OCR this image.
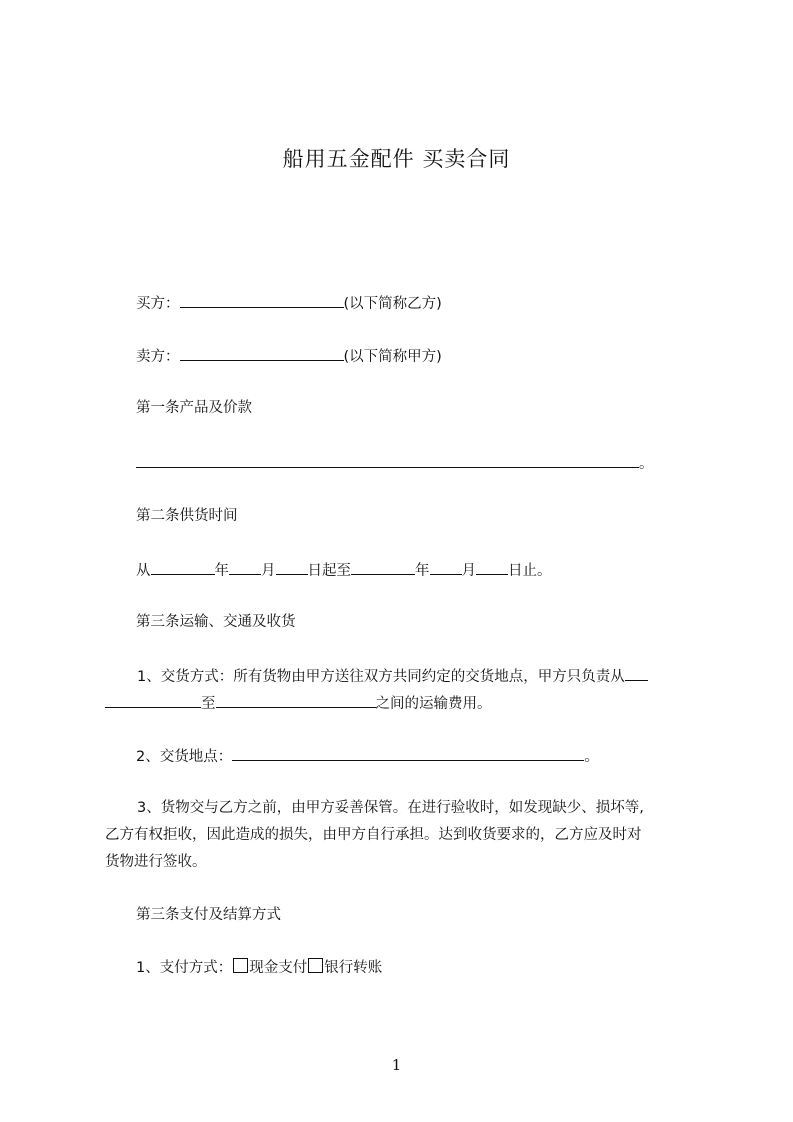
船用五金配件 买卖合同
买方：	(以下简称乙方)
卖方：	(以下简称甲方)
第一条产品及价款
。
第二条供货时间
从	年 月 日起至	年 月 日止。
第三条运输、交通及收货
1、交货方式：所有货物由甲方送往双方共同约定的交货地点，甲方只负责从
至	之间的运输费用。
2、交货地点：	。
3、货物交与乙方之前，由甲方妥善保管。在进行验收时，如发现缺少、损坏等,
乙方有权拒收，因此造成的损失，由甲方自行承担。达到收货要求的，乙方应及时对
货物进行签收。
第三条支付及结算方式
1、支付方式： 现金支付 银行转账
1
